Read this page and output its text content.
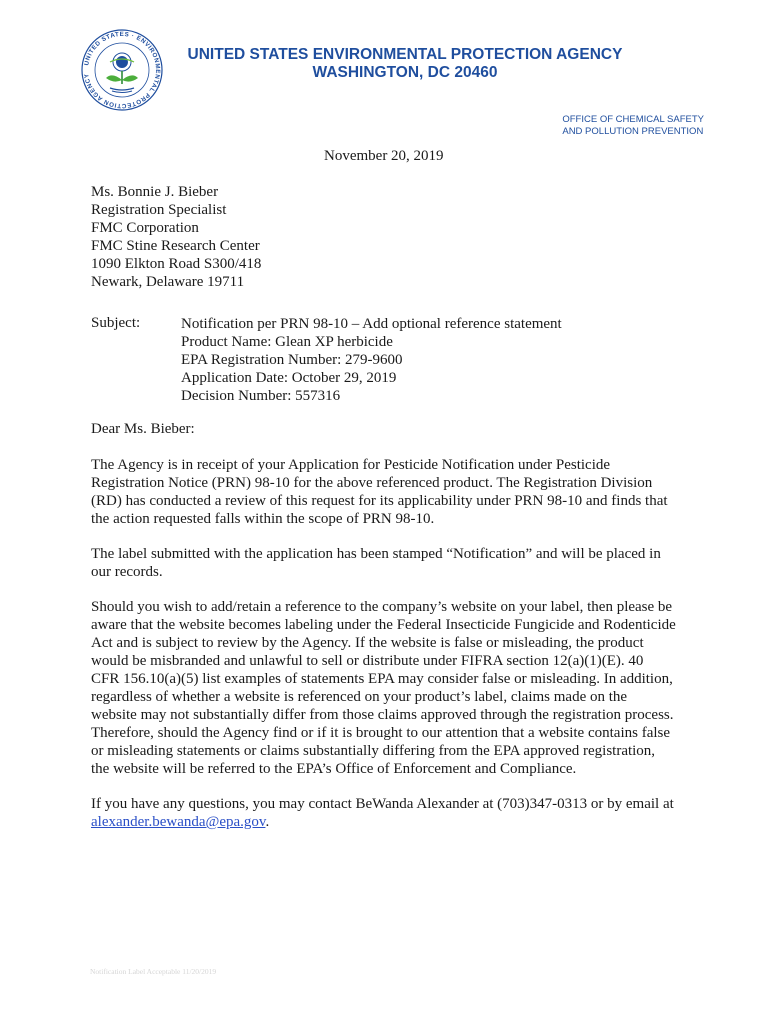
UNITED STATES · ENVIRONMENTAL PROTECTION AGENCY
UNITED STATES ENVIRONMENTAL PROTECTION AGENCY
WASHINGTON, DC 20460
OFFICE OF CHEMICAL SAFETY
AND POLLUTION PREVENTION
November 20, 2019
Ms. Bonnie J. Bieber
Registration Specialist
FMC Corporation
FMC Stine Research Center
1090 Elkton Road S300/418
Newark, Delaware 19711
Subject:	Notification per PRN 98-10 – Add optional reference statement
Product Name: Glean XP herbicide
EPA Registration Number: 279-9600
Application Date: October 29, 2019
Decision Number: 557316
Dear Ms. Bieber:
The Agency is in receipt of your Application for Pesticide Notification under Pesticide
Registration Notice (PRN) 98-10 for the above referenced product. The Registration Division
(RD) has conducted a review of this request for its applicability under PRN 98-10 and finds that
the action requested falls within the scope of PRN 98-10.
The label submitted with the application has been stamped “Notification” and will be placed in
our records.
Should you wish to add/retain a reference to the company’s website on your label, then please be
aware that the website becomes labeling under the Federal Insecticide Fungicide and Rodenticide
Act and is subject to review by the Agency. If the website is false or misleading, the product
would be misbranded and unlawful to sell or distribute under FIFRA section 12(a)(1)(E). 40
CFR 156.10(a)(5) list examples of statements EPA may consider false or misleading. In addition,
regardless of whether a website is referenced on your product’s label, claims made on the
website may not substantially differ from those claims approved through the registration process.
Therefore, should the Agency find or if it is brought to our attention that a website contains false
or misleading statements or claims substantially differing from the EPA approved registration,
the website will be referred to the EPA’s Office of Enforcement and Compliance.
If you have any questions, you may contact BeWanda Alexander at (703)347-0313 or by email at
alexander.bewanda@epa.gov.
Notification Label Acceptable 11/20/2019
